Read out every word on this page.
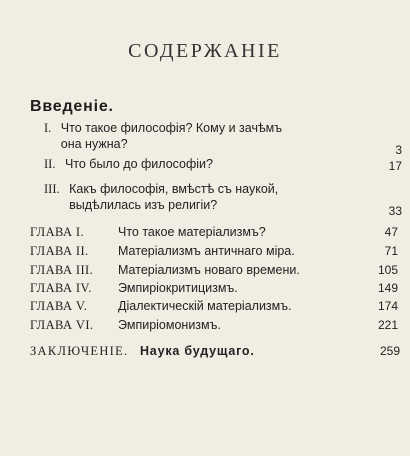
СОДЕРЖАНІЕ
Введеніе.
I. Что такое философія? Кому и зачѣмъ
она нужна?	3
II. Что было до философіи?	17
III. Какъ философія, вмѣстѣ съ наукой,
выдѣлилась изъ религіи?	33
ГЛАВА I.	Что такое матеріализмъ?	47
ГЛАВА II. Матеріализмъ античнаго міра.	71
ГЛАВА III. Матеріализмъ новаго времени.	105
ГЛАВА IV. Эмпиріокритицизмъ.	149
ГЛАВА V. Діалектическій матеріализмъ.	174
ГЛАВА VI. Эмпиріомонизмъ.	221
ЗАКЛЮЧЕНІЕ. Наука будущаго.	259
